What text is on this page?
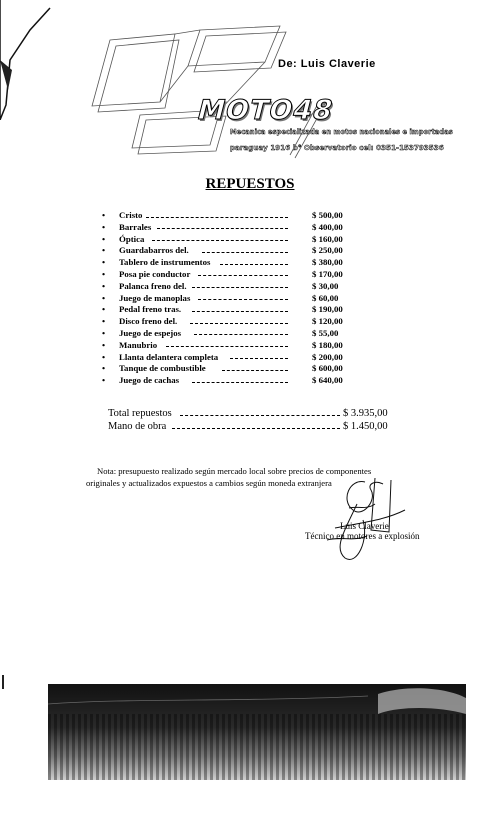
De: Luis Claverie
MOTO48
Mecanica especializada en motos nacionales e importadas
paraguay 1916 b° Observatorio cel: 0351-153793536
REPUESTOS
• Cristo	$ 500,00
• Barrales	$ 400,00
• Óptica	$ 160,00
• Guardabarros del.	$ 250,00
• Tablero de instrumentos	$ 380,00
• Posa pie conductor	$ 170,00
• Palanca freno del.	$ 30,00
• Juego de manoplas	$ 60,00
• Pedal freno tras.	$ 190,00
• Disco freno del.	$ 120,00
• Juego de espejos	$ 55,00
• Manubrio	$ 180,00
• Llanta delantera completa	$ 200,00
• Tanque de combustible	$ 600,00
• Juego de cachas	$ 640,00
Total repuestos	$ 3.935,00
Mano de obra	$ 1.450,00
Nota: presupuesto realizado según mercado local sobre precios de componentes
originales y actualizados expuestos a cambios según moneda extranjera
Luis Claverie
Técnico en motores a explosión
